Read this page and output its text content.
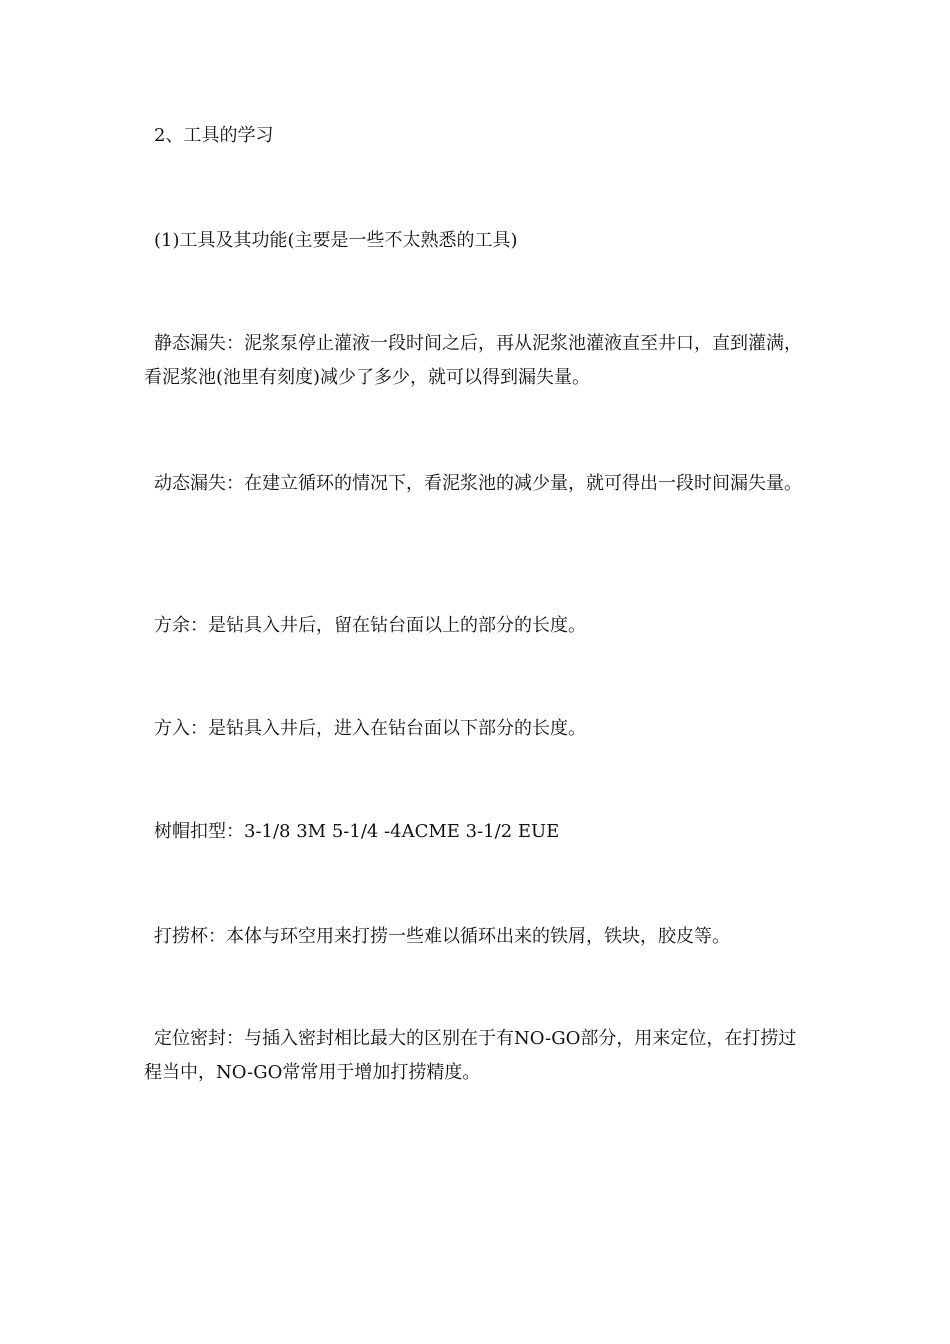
2、工具的学习

(1)工具及其功能(主要是一些不太熟悉的工具)

静态漏失：泥浆泵停止灌液一段时间之后，再从泥浆池灌液直至井口，直到灌满，看泥浆池(池里有刻度)减少了多少，就可以得到漏失量。

动态漏失：在建立循环的情况下，看泥浆池的减少量，就可得出一段时间漏失量。

方余：是钻具入井后，留在钻台面以上的部分的长度。

方入：是钻具入井后，进入在钻台面以下部分的长度。

树帽扣型：3-1/8 3M 5-1/4 -4ACME 3-1/2 EUE

打捞杯：本体与环空用来打捞一些难以循环出来的铁屑，铁块，胶皮等。

定位密封：与插入密封相比最大的区别在于有NO-GO部分，用来定位，在打捞过程当中，NO-GO常常用于增加打捞精度。
